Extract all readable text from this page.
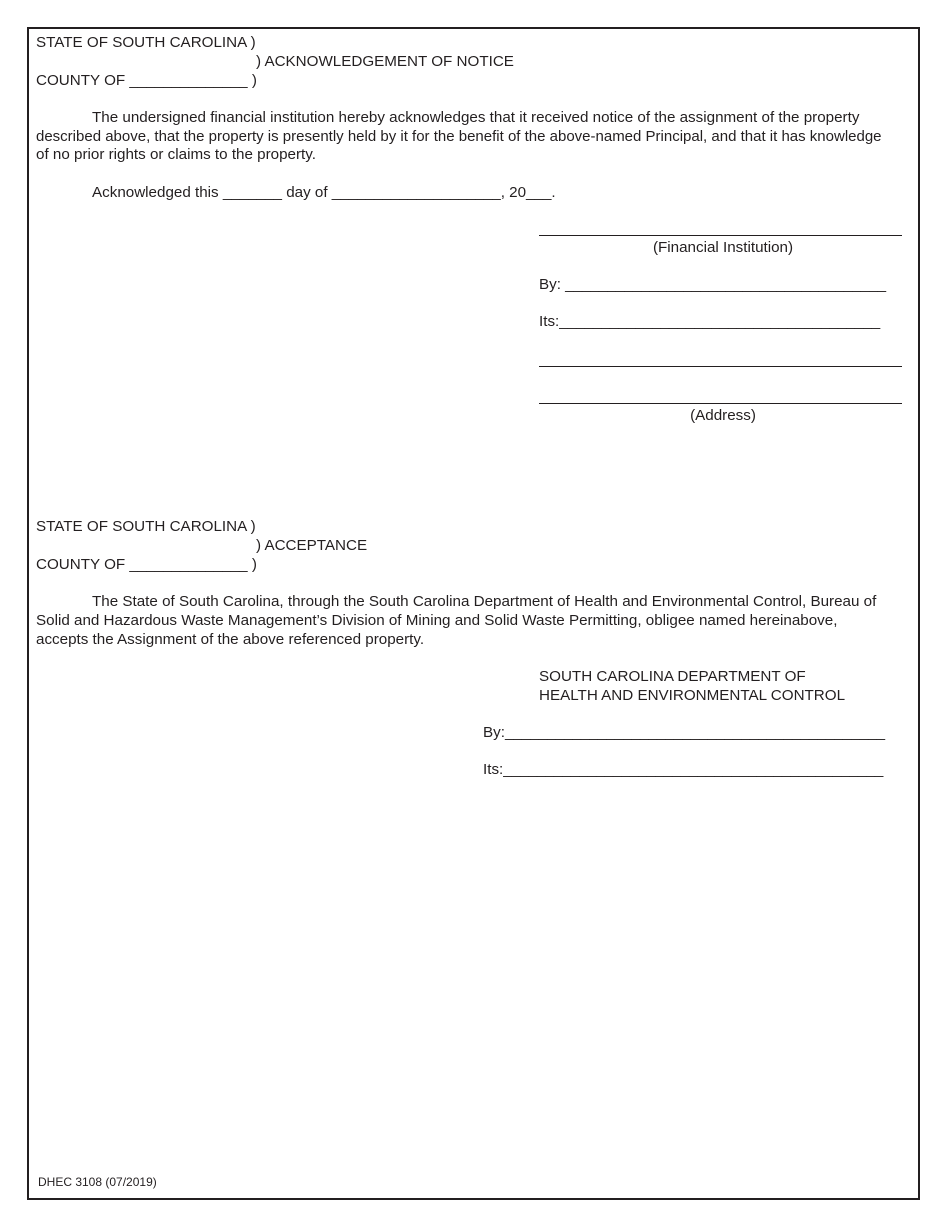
STATE OF SOUTH CAROLINA )
) ACKNOWLEDGEMENT OF NOTICE
COUNTY OF ______________ )
The undersigned financial institution hereby acknowledges that it received notice of the assignment of the property
described above, that the property is presently held by it for the benefit of the above-named Principal, and that it has knowledge
of no prior rights or claims to the property.
Acknowledged this _______ day of ____________________, 20___.
(Financial Institution)
By: ______________________________________
Its:______________________________________
(Address)
STATE OF SOUTH CAROLINA )
) ACCEPTANCE
COUNTY OF ______________ )
The State of South Carolina, through the South Carolina Department of Health and Environmental Control, Bureau of
Solid and Hazardous Waste Management’s Division of Mining and Solid Waste Permitting, obligee named hereinabove,
accepts the Assignment of the above referenced property.
SOUTH CAROLINA DEPARTMENT OF
HEALTH AND ENVIRONMENTAL CONTROL
By:_____________________________________________
Its:_____________________________________________
DHEC 3108 (07/2019)
